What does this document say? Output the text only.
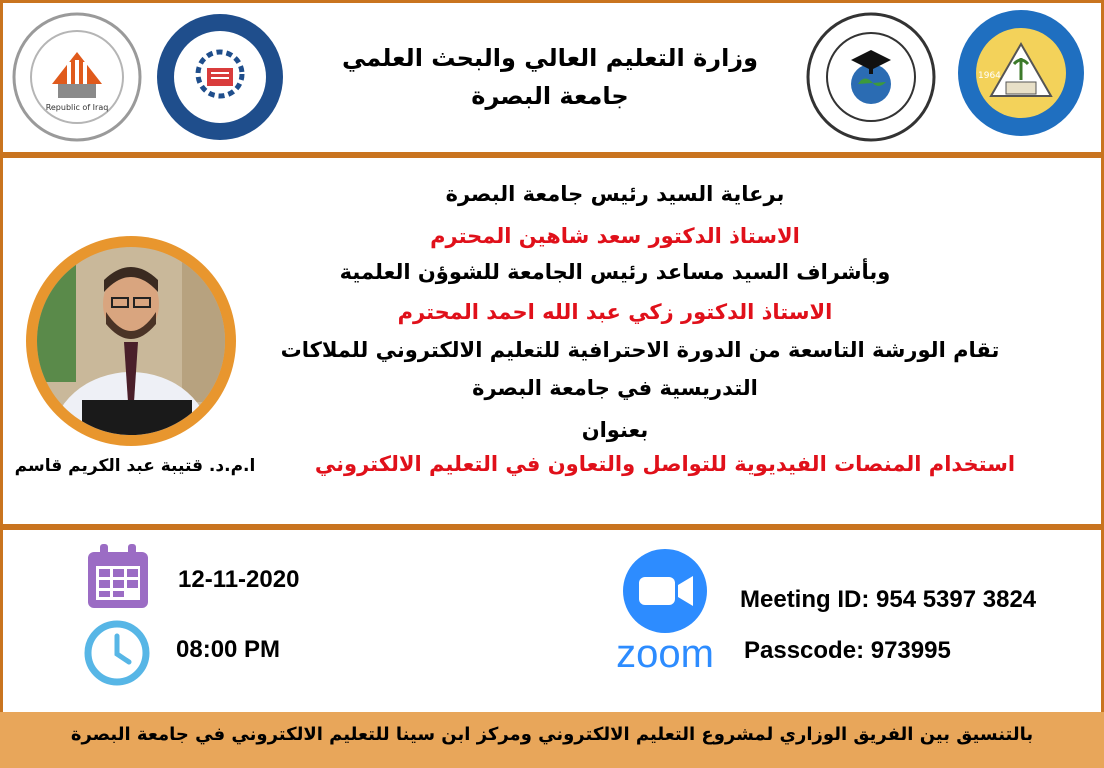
Republic of Iraq
1964
وزارة التعليم العالي والبحث العلمي
جامعة البصرة
ا.م.د. قتيبة عبد الكريم قاسم
برعاية السيد رئيس جامعة البصرة
الاستاذ الدكتور سعد شاهين المحترم
وبأشراف السيد مساعد رئيس الجامعة للشوؤن العلمية
الاستاذ الدكتور زكي عبد الله احمد المحترم
تقام الورشة التاسعة من الدورة الاحترافية للتعليم الالكتروني للملاكات
التدريسية في جامعة البصرة
بعنوان
استخدام المنصات الفيديوية للتواصل والتعاون في التعليم الالكتروني
12-11-2020
08:00 PM	zoom
Meeting ID: 954 5397 3824
Passcode: 973995
بالتنسيق بين الفريق الوزاري لمشروع التعليم الالكتروني ومركز ابن سينا للتعليم الالكتروني في جامعة البصرة
